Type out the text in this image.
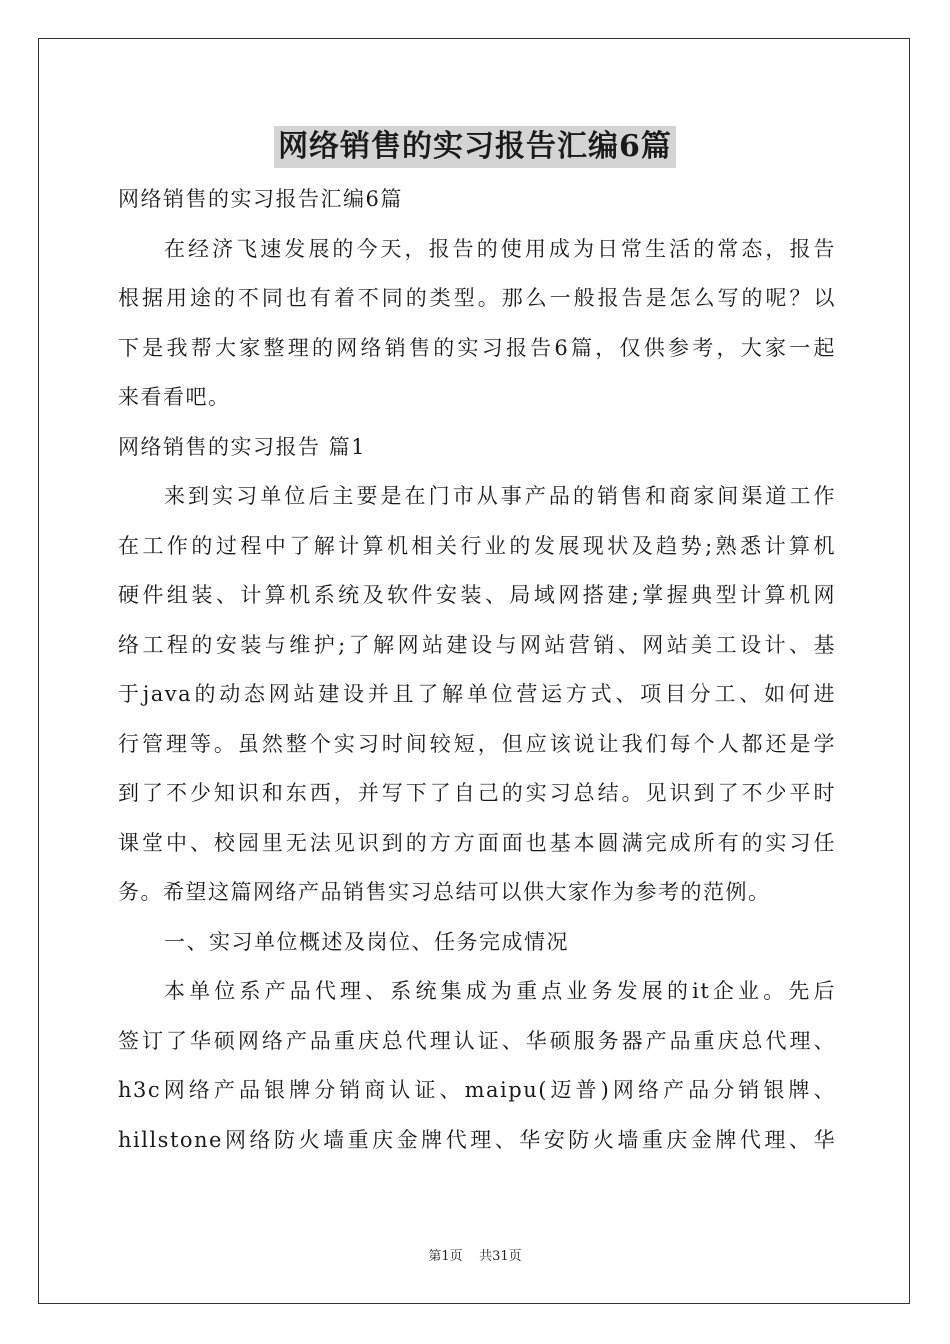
网络销售的实习报告汇编6篇
网络销售的实习报告汇编6篇
在经济飞速发展的今天，报告的使用成为日常生活的常态，报告
根据用途的不同也有着不同的类型。那么一般报告是怎么写的呢？以
下是我帮大家整理的网络销售的实习报告6篇，仅供参考，大家一起
来看看吧。
网络销售的实习报告 篇1
来到实习单位后主要是在门市从事产品的销售和商家间渠道工作
在工作的过程中了解计算机相关行业的发展现状及趋势;熟悉计算机
硬件组装、计算机系统及软件安装、局域网搭建;掌握典型计算机网
络工程的安装与维护;了解网站建设与网站营销、网站美工设计、基
于java的动态网站建设并且了解单位营运方式、项目分工、如何进
行管理等。虽然整个实习时间较短，但应该说让我们每个人都还是学
到了不少知识和东西，并写下了自己的实习总结。见识到了不少平时
课堂中、校园里无法见识到的方方面面也基本圆满完成所有的实习任
务。希望这篇网络产品销售实习总结可以供大家作为参考的范例。
一、实习单位概述及岗位、任务完成情况
本单位系产品代理、系统集成为重点业务发展的it企业。先后
签订了华硕网络产品重庆总代理认证、华硕服务器产品重庆总代理、
h3c网络产品银牌分销商认证、maipu(迈普)网络产品分销银牌、
hillstone网络防火墙重庆金牌代理、华安防火墙重庆金牌代理、华
第1页 共31页
